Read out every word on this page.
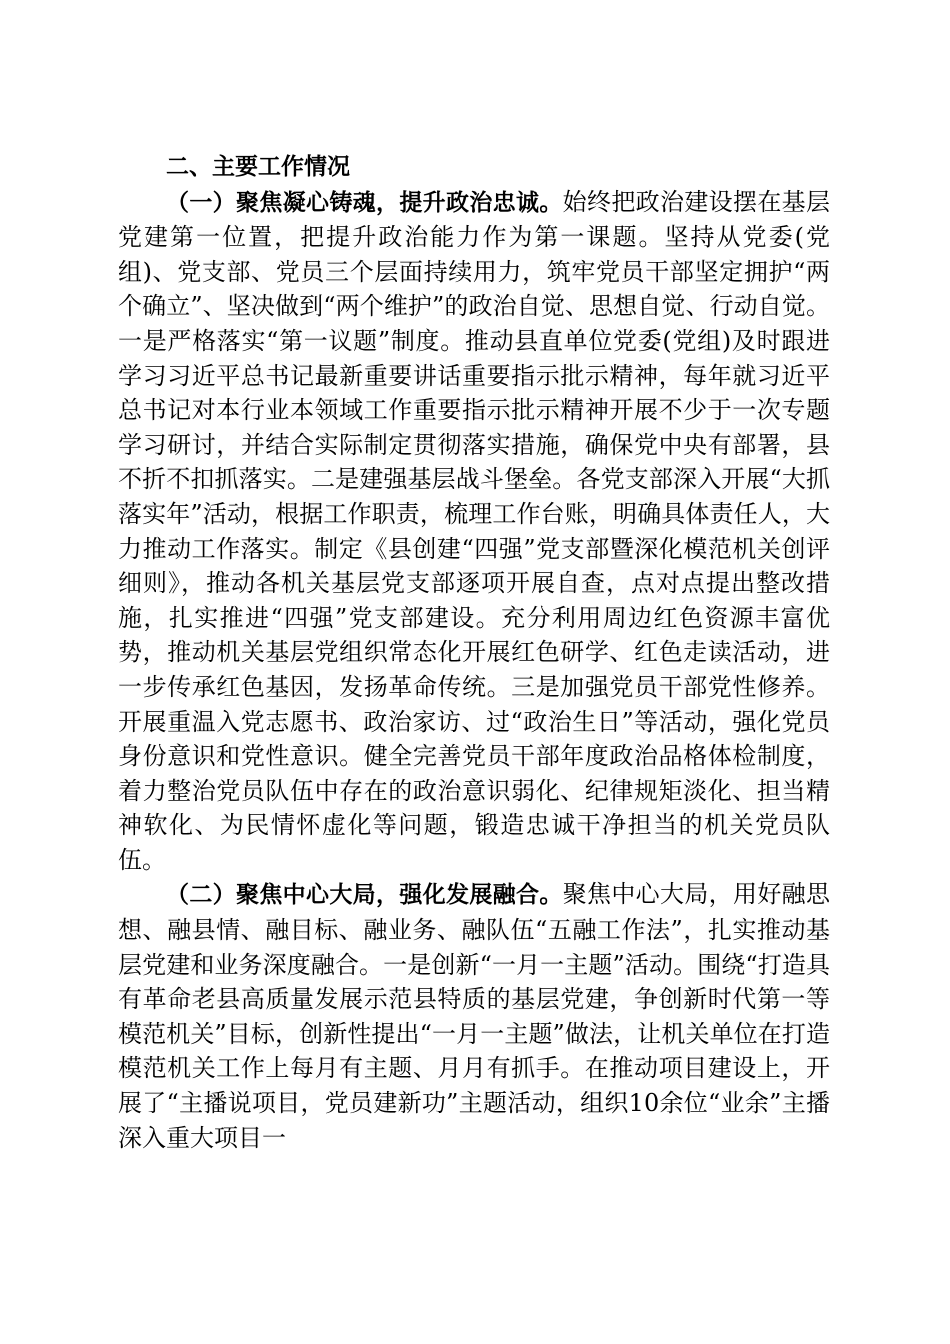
二、主要工作情况

（一）聚焦凝心铸魂，提升政治忠诚。始终把政治建设摆在基层党建第一位置，把提升政治能力作为第一课题。坚持从党委(党组)、党支部、党员三个层面持续用力，筑牢党员干部坚定拥护“两个确立”、坚决做到“两个维护”的政治自觉、思想自觉、行动自觉。一是严格落实“第一议题”制度。推动县直单位党委(党组)及时跟进学习习近平总书记最新重要讲话重要指示批示精神，每年就习近平总书记对本行业本领域工作重要指示批示精神开展不少于一次专题学习研讨，并结合实际制定贯彻落实措施，确保党中央有部署，县不折不扣抓落实。二是建强基层战斗堡垒。各党支部深入开展“大抓落实年”活动，根据工作职责，梳理工作台账，明确具体责任人，大力推动工作落实。制定《县创建“四强”党支部暨深化模范机关创评细则》，推动各机关基层党支部逐项开展自查，点对点提出整改措施，扎实推进“四强”党支部建设。充分利用周边红色资源丰富优势，推动机关基层党组织常态化开展红色研学、红色走读活动，进一步传承红色基因，发扬革命传统。三是加强党员干部党性修养。开展重温入党志愿书、政治家访、过“政治生日”等活动，强化党员身份意识和党性意识。健全完善党员干部年度政治品格体检制度，着力整治党员队伍中存在的政治意识弱化、纪律规矩淡化、担当精神软化、为民情怀虚化等问题，锻造忠诚干净担当的机关党员队伍。

（二）聚焦中心大局，强化发展融合。聚焦中心大局，用好融思想、融县情、融目标、融业务、融队伍“五融工作法”，扎实推动基层党建和业务深度融合。一是创新“一月一主题”活动。围绕“打造具有革命老县高质量发展示范县特质的基层党建，争创新时代第一等模范机关”目标，创新性提出“一月一主题”做法，让机关单位在打造模范机关工作上每月有主题、月月有抓手。在推动项目建设上，开展了“主播说项目，党员建新功”主题活动，组织10余位“业余”主播深入重大项目一
